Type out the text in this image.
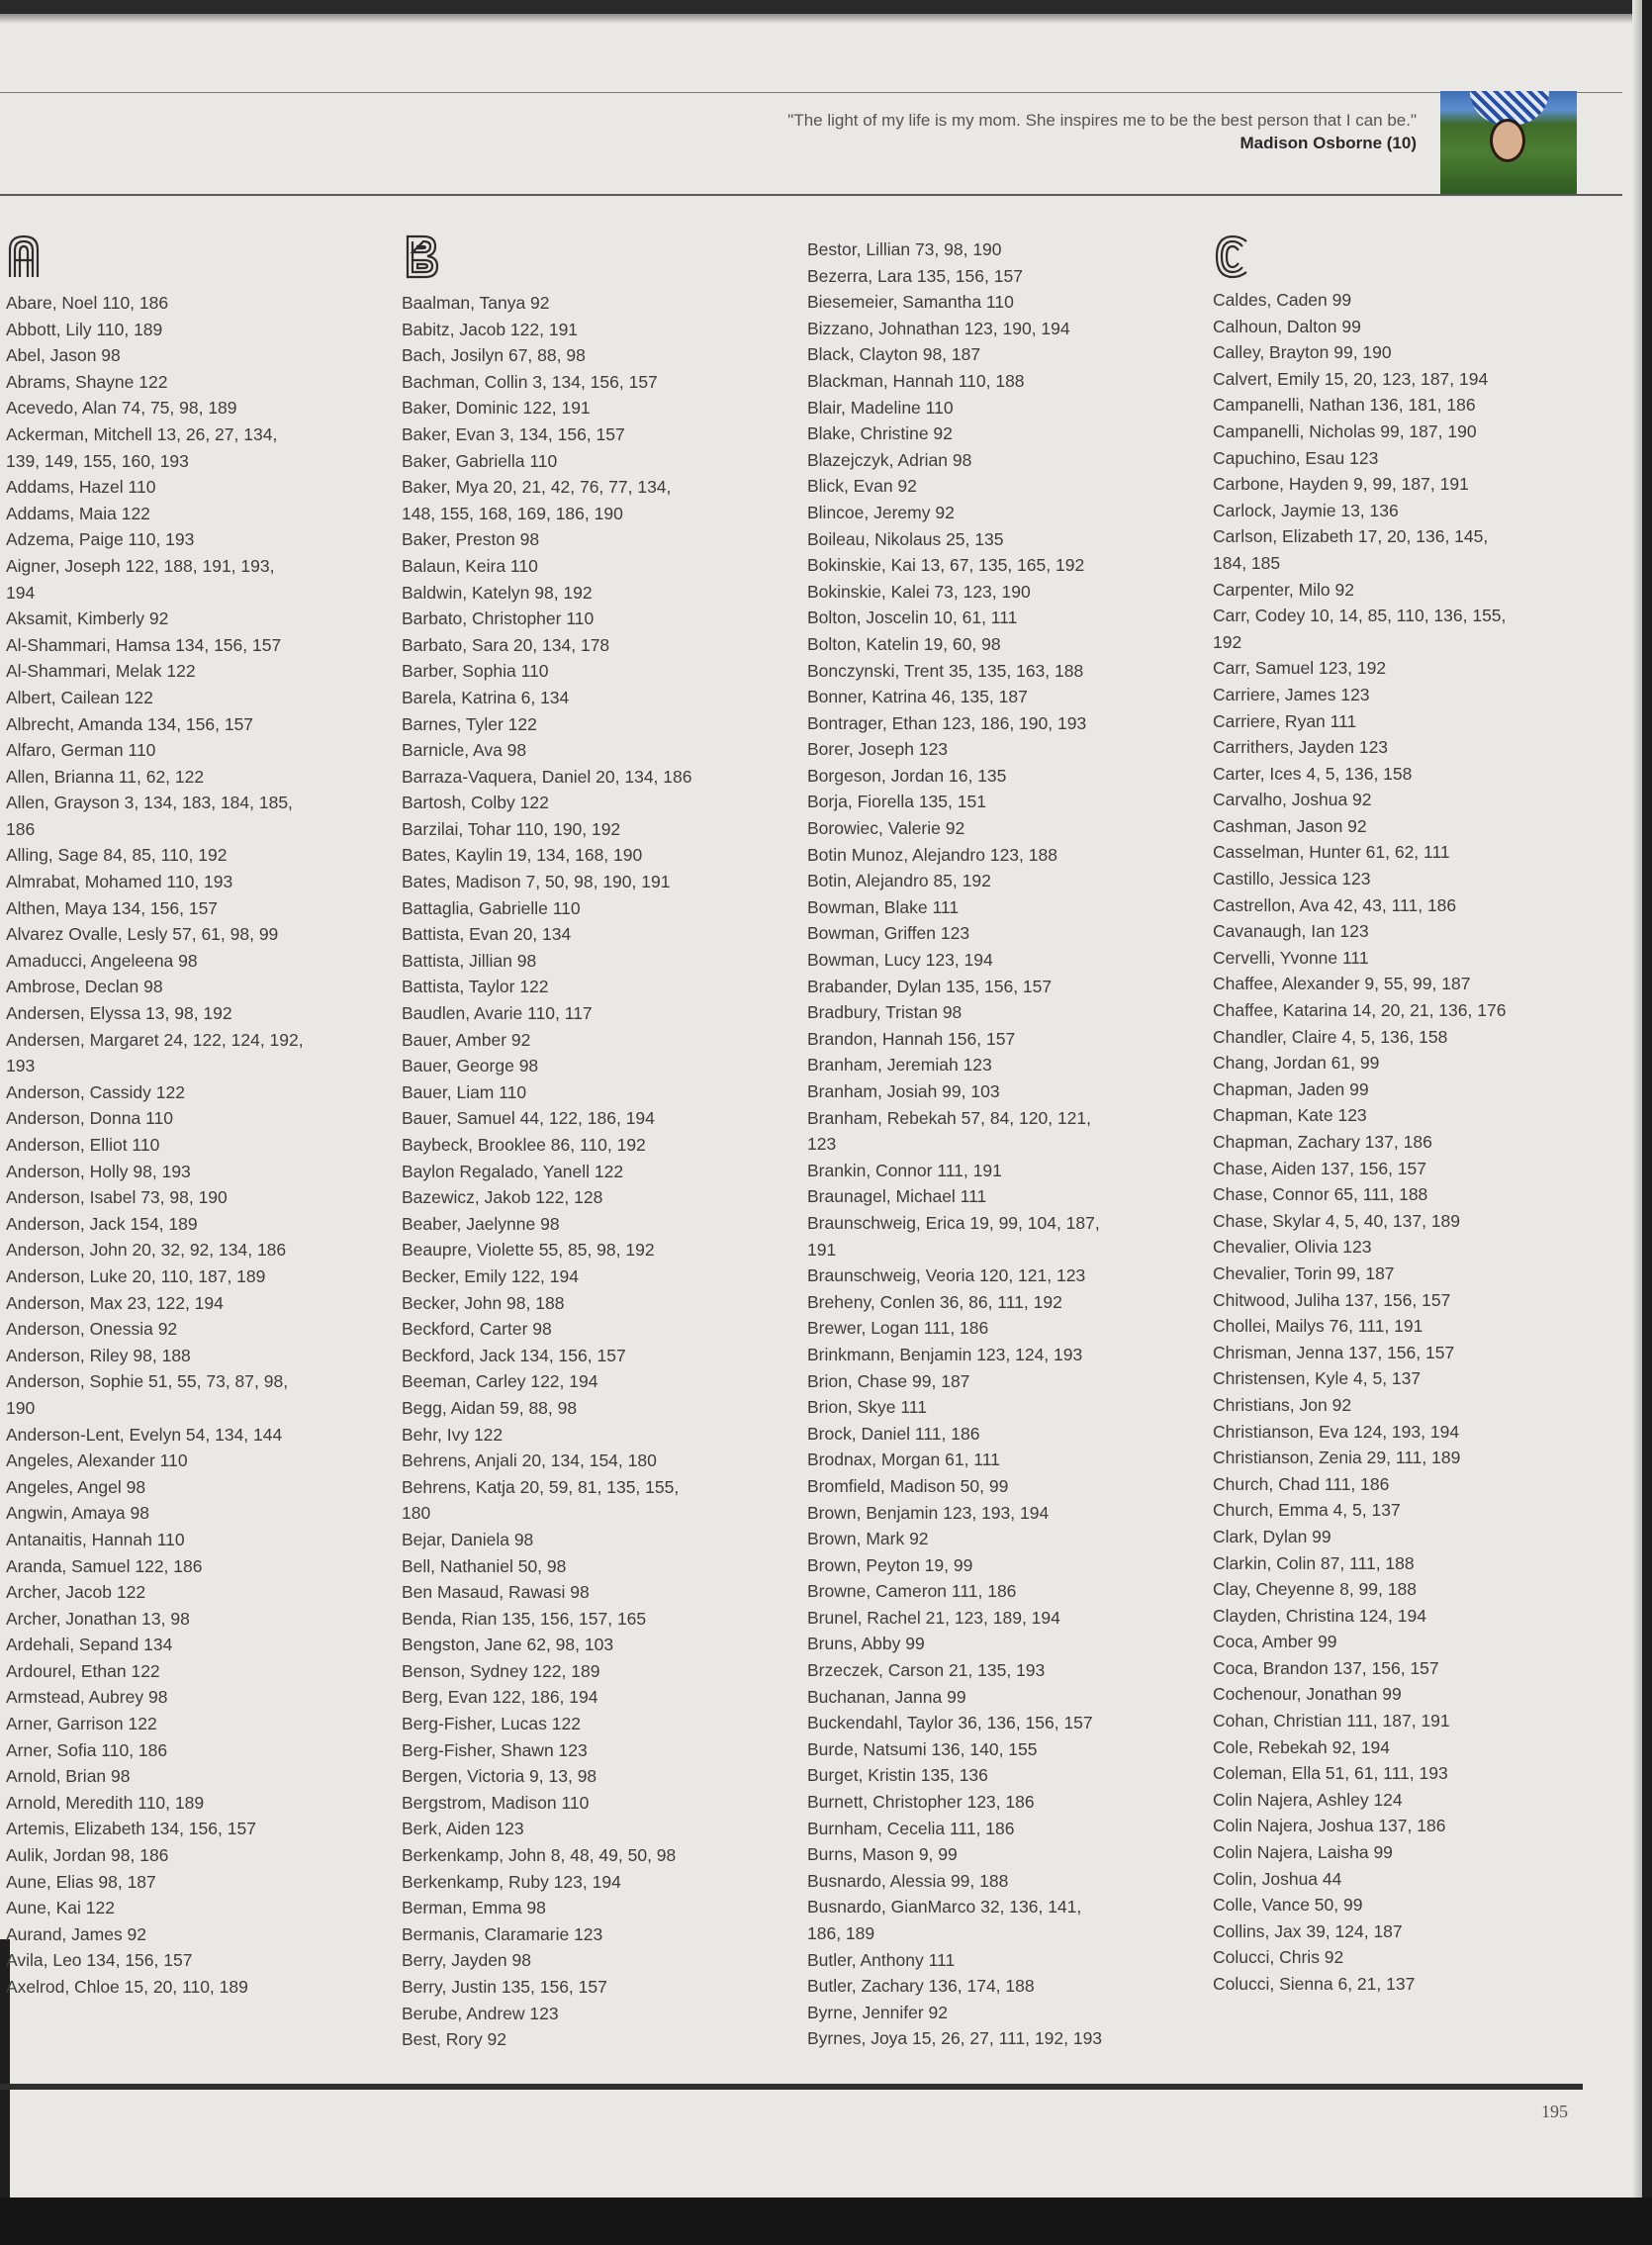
"The light of my life is my mom. She inspires me to be the best person that I can be."
Madison Osborne (10)
Abare, Noel 110, 186
Abbott, Lily 110, 189
Abel, Jason 98
Abrams, Shayne 122
Acevedo, Alan 74, 75, 98, 189
Ackerman, Mitchell 13, 26, 27, 134,
139, 149, 155, 160, 193
Addams, Hazel 110
Addams, Maia 122
Adzema, Paige 110, 193
Aigner, Joseph 122, 188, 191, 193,
194
Aksamit, Kimberly 92
Al-Shammari, Hamsa 134, 156, 157
Al-Shammari, Melak 122
Albert, Cailean 122
Albrecht, Amanda 134, 156, 157
Alfaro, German 110
Allen, Brianna 11, 62, 122
Allen, Grayson 3, 134, 183, 184, 185,
186
Alling, Sage 84, 85, 110, 192
Almrabat, Mohamed 110, 193
Althen, Maya 134, 156, 157
Alvarez Ovalle, Lesly 57, 61, 98, 99
Amaducci, Angeleena 98
Ambrose, Declan 98
Andersen, Elyssa 13, 98, 192
Andersen, Margaret 24, 122, 124, 192,
193
Anderson, Cassidy 122
Anderson, Donna 110
Anderson, Elliot 110
Anderson, Holly 98, 193
Anderson, Isabel 73, 98, 190
Anderson, Jack 154, 189
Anderson, John 20, 32, 92, 134, 186
Anderson, Luke 20, 110, 187, 189
Anderson, Max 23, 122, 194
Anderson, Onessia 92
Anderson, Riley 98, 188
Anderson, Sophie 51, 55, 73, 87, 98,
190
Anderson-Lent, Evelyn 54, 134, 144
Angeles, Alexander 110
Angeles, Angel 98
Angwin, Amaya 98
Antanaitis, Hannah 110
Aranda, Samuel 122, 186
Archer, Jacob 122
Archer, Jonathan 13, 98
Ardehali, Sepand 134
Ardourel, Ethan 122
Armstead, Aubrey 98
Arner, Garrison 122
Arner, Sofia 110, 186
Arnold, Brian 98
Arnold, Meredith 110, 189
Artemis, Elizabeth 134, 156, 157
Aulik, Jordan 98, 186
Aune, Elias 98, 187
Aune, Kai 122
Aurand, James 92
Avila, Leo 134, 156, 157
Axelrod, Chloe 15, 20, 110, 189
Baalman, Tanya 92
Babitz, Jacob 122, 191
Bach, Josilyn 67, 88, 98
Bachman, Collin 3, 134, 156, 157
Baker, Dominic 122, 191
Baker, Evan 3, 134, 156, 157
Baker, Gabriella 110
Baker, Mya 20, 21, 42, 76, 77, 134,
148, 155, 168, 169, 186, 190
Baker, Preston 98
Balaun, Keira 110
Baldwin, Katelyn 98, 192
Barbato, Christopher 110
Barbato, Sara 20, 134, 178
Barber, Sophia 110
Barela, Katrina 6, 134
Barnes, Tyler 122
Barnicle, Ava 98
Barraza-Vaquera, Daniel 20, 134, 186
Bartosh, Colby 122
Barzilai, Tohar 110, 190, 192
Bates, Kaylin 19, 134, 168, 190
Bates, Madison 7, 50, 98, 190, 191
Battaglia, Gabrielle 110
Battista, Evan 20, 134
Battista, Jillian 98
Battista, Taylor 122
Baudlen, Avarie 110, 117
Bauer, Amber 92
Bauer, George 98
Bauer, Liam 110
Bauer, Samuel 44, 122, 186, 194
Baybeck, Brooklee 86, 110, 192
Baylon Regalado, Yanell 122
Bazewicz, Jakob 122, 128
Beaber, Jaelynne 98
Beaupre, Violette 55, 85, 98, 192
Becker, Emily 122, 194
Becker, John 98, 188
Beckford, Carter 98
Beckford, Jack 134, 156, 157
Beeman, Carley 122, 194
Begg, Aidan 59, 88, 98
Behr, Ivy 122
Behrens, Anjali 20, 134, 154, 180
Behrens, Katja 20, 59, 81, 135, 155,
180
Bejar, Daniela 98
Bell, Nathaniel 50, 98
Ben Masaud, Rawasi 98
Benda, Rian 135, 156, 157, 165
Bengston, Jane 62, 98, 103
Benson, Sydney 122, 189
Berg, Evan 122, 186, 194
Berg-Fisher, Lucas 122
Berg-Fisher, Shawn 123
Bergen, Victoria 9, 13, 98
Bergstrom, Madison 110
Berk, Aiden 123
Berkenkamp, John 8, 48, 49, 50, 98
Berkenkamp, Ruby 123, 194
Berman, Emma 98
Bermanis, Claramarie 123
Berry, Jayden 98
Berry, Justin 135, 156, 157
Berube, Andrew 123
Best, Rory 92
Bestor, Lillian 73, 98, 190
Bezerra, Lara 135, 156, 157
Biesemeier, Samantha 110
Bizzano, Johnathan 123, 190, 194
Black, Clayton 98, 187
Blackman, Hannah 110, 188
Blair, Madeline 110
Blake, Christine 92
Blazejczyk, Adrian 98
Blick, Evan 92
Blincoe, Jeremy 92
Boileau, Nikolaus 25, 135
Bokinskie, Kai 13, 67, 135, 165, 192
Bokinskie, Kalei 73, 123, 190
Bolton, Joscelin 10, 61, 111
Bolton, Katelin 19, 60, 98
Bonczynski, Trent 35, 135, 163, 188
Bonner, Katrina 46, 135, 187
Bontrager, Ethan 123, 186, 190, 193
Borer, Joseph 123
Borgeson, Jordan 16, 135
Borja, Fiorella 135, 151
Borowiec, Valerie 92
Botin Munoz, Alejandro 123, 188
Botin, Alejandro 85, 192
Bowman, Blake 111
Bowman, Griffen 123
Bowman, Lucy 123, 194
Brabander, Dylan 135, 156, 157
Bradbury, Tristan 98
Brandon, Hannah 156, 157
Branham, Jeremiah 123
Branham, Josiah 99, 103
Branham, Rebekah 57, 84, 120, 121,
123
Brankin, Connor 111, 191
Braunagel, Michael 111
Braunschweig, Erica 19, 99, 104, 187,
191
Braunschweig, Veoria 120, 121, 123
Breheny, Conlen 36, 86, 111, 192
Brewer, Logan 111, 186
Brinkmann, Benjamin 123, 124, 193
Brion, Chase 99, 187
Brion, Skye 111
Brock, Daniel 111, 186
Brodnax, Morgan 61, 111
Bromfield, Madison 50, 99
Brown, Benjamin 123, 193, 194
Brown, Mark 92
Brown, Peyton 19, 99
Browne, Cameron 111, 186
Brunel, Rachel 21, 123, 189, 194
Bruns, Abby 99
Brzeczek, Carson 21, 135, 193
Buchanan, Janna 99
Buckendahl, Taylor 36, 136, 156, 157
Burde, Natsumi 136, 140, 155
Burget, Kristin 135, 136
Burnett, Christopher 123, 186
Burnham, Cecelia 111, 186
Burns, Mason 9, 99
Busnardo, Alessia 99, 188
Busnardo, GianMarco 32, 136, 141,
186, 189
Butler, Anthony 111
Butler, Zachary 136, 174, 188
Byrne, Jennifer 92
Byrnes, Joya 15, 26, 27, 111, 192, 193
Caldes, Caden 99
Calhoun, Dalton 99
Calley, Brayton 99, 190
Calvert, Emily 15, 20, 123, 187, 194
Campanelli, Nathan 136, 181, 186
Campanelli, Nicholas 99, 187, 190
Capuchino, Esau 123
Carbone, Hayden 9, 99, 187, 191
Carlock, Jaymie 13, 136
Carlson, Elizabeth 17, 20, 136, 145,
184, 185
Carpenter, Milo 92
Carr, Codey 10, 14, 85, 110, 136, 155,
192
Carr, Samuel 123, 192
Carriere, James 123
Carriere, Ryan 111
Carrithers, Jayden 123
Carter, Ices 4, 5, 136, 158
Carvalho, Joshua 92
Cashman, Jason 92
Casselman, Hunter 61, 62, 111
Castillo, Jessica 123
Castrellon, Ava 42, 43, 111, 186
Cavanaugh, Ian 123
Cervelli, Yvonne 111
Chaffee, Alexander 9, 55, 99, 187
Chaffee, Katarina 14, 20, 21, 136, 176
Chandler, Claire 4, 5, 136, 158
Chang, Jordan 61, 99
Chapman, Jaden 99
Chapman, Kate 123
Chapman, Zachary 137, 186
Chase, Aiden 137, 156, 157
Chase, Connor 65, 111, 188
Chase, Skylar 4, 5, 40, 137, 189
Chevalier, Olivia 123
Chevalier, Torin 99, 187
Chitwood, Juliha 137, 156, 157
Chollei, Mailys 76, 111, 191
Chrisman, Jenna 137, 156, 157
Christensen, Kyle 4, 5, 137
Christians, Jon 92
Christianson, Eva 124, 193, 194
Christianson, Zenia 29, 111, 189
Church, Chad 111, 186
Church, Emma 4, 5, 137
Clark, Dylan 99
Clarkin, Colin 87, 111, 188
Clay, Cheyenne 8, 99, 188
Clayden, Christina 124, 194
Coca, Amber 99
Coca, Brandon 137, 156, 157
Cochenour, Jonathan 99
Cohan, Christian 111, 187, 191
Cole, Rebekah 92, 194
Coleman, Ella 51, 61, 111, 193
Colin Najera, Ashley 124
Colin Najera, Joshua 137, 186
Colin Najera, Laisha 99
Colin, Joshua 44
Colle, Vance 50, 99
Collins, Jax 39, 124, 187
Colucci, Chris 92
Colucci, Sienna 6, 21, 137
195
